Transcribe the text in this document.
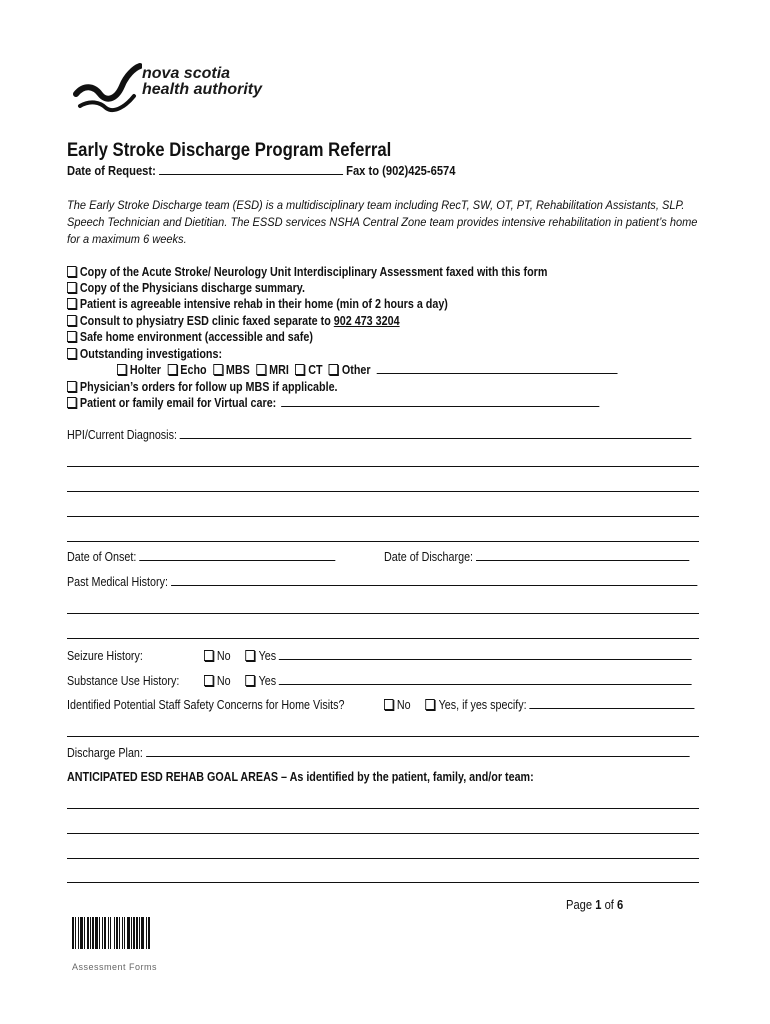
nova scotia
health authority
Early Stroke Discharge Program Referral
Date of Request:	Fax to (902)425-6574
The Early Stroke Discharge team (ESD) is a multidisciplinary team including RecT, SW, OT, PT, Rehabilitation Assistants, SLP. Speech Technician and Dietitian. The ESSD services NSHA Central Zone team provides intensive rehabilitation in patient’s home for a maximum 6 weeks.
Copy of the Acute Stroke/ Neurology Unit Interdisciplinary Assessment faxed with this form
Copy of the Physicians discharge summary.
Patient is agreeable intensive rehab in their home (min of 2 hours a day)
Consult to physiatry ESD clinic faxed separate to 902 473 3204
Safe home environment (accessible and safe)
Outstanding investigations:
Holter Echo MBS MRI CT Other
Physician’s orders for follow up MBS if applicable.
Patient or family email for Virtual care:
HPI/Current Diagnosis:
Date of Onset:	Date of Discharge:
Past Medical History:
Seizure History:	No Yes
Substance Use History:	No Yes
Identified Potential Staff Safety Concerns for Home Visits?	No Yes, if yes specify:
Discharge Plan:
ANTICIPATED ESD REHAB GOAL AREAS – As identified by the patient, family, and/or team:
Page 1 of 6
Assessment Forms
